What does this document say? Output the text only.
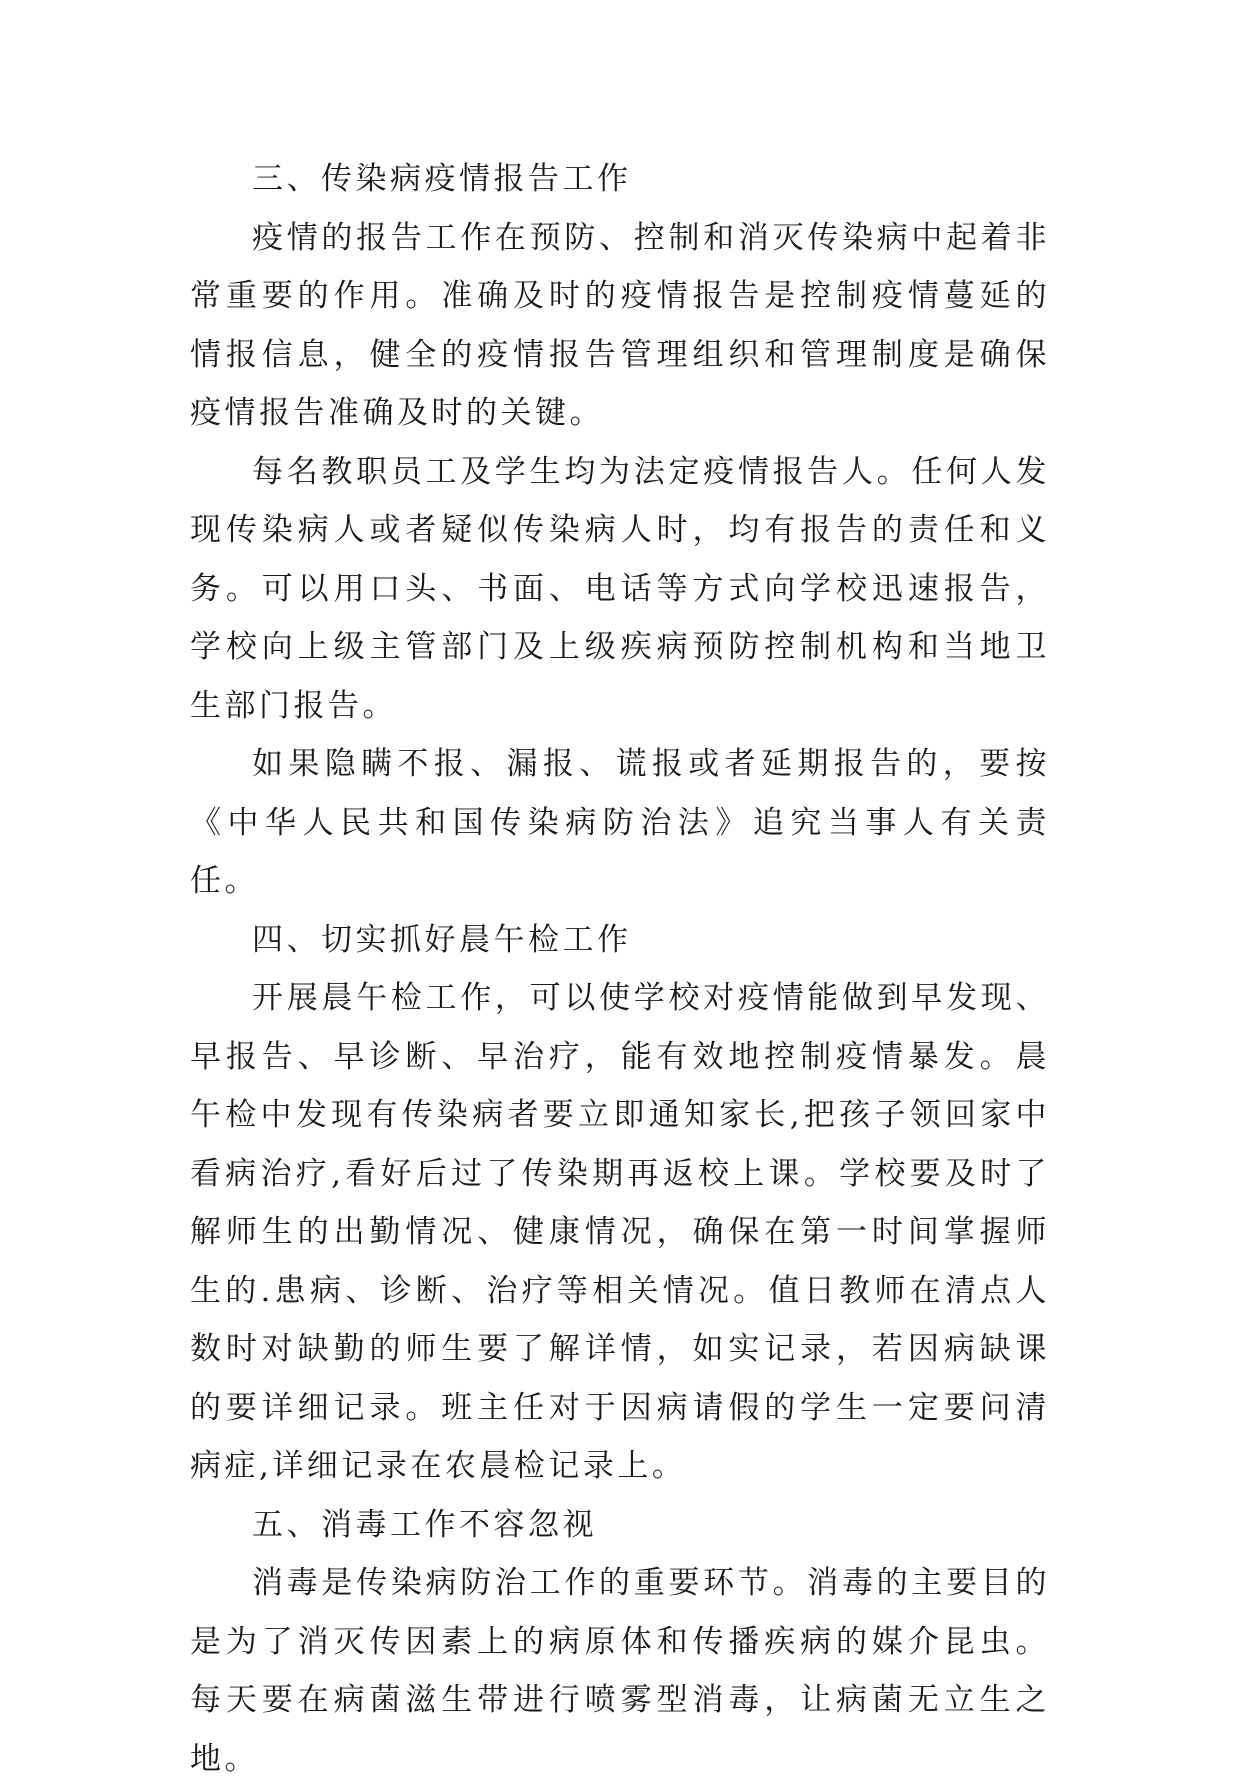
三、传染病疫情报告工作

疫情的报告工作在预防、控制和消灭传染病中起着非常重要的作用。准确及时的疫情报告是控制疫情蔓延的情报信息，健全的疫情报告管理组织和管理制度是确保疫情报告准确及时的关键。

每名教职员工及学生均为法定疫情报告人。任何人发现传染病人或者疑似传染病人时，均有报告的责任和义务。可以用口头、书面、电话等方式向学校迅速报告，学校向上级主管部门及上级疾病预防控制机构和当地卫生部门报告。

如果隐瞒不报、漏报、谎报或者延期报告的，要按《中华人民共和国传染病防治法》追究当事人有关责任。

四、切实抓好晨午检工作

开展晨午检工作，可以使学校对疫情能做到早发现、早报告、早诊断、早治疗，能有效地控制疫情暴发。晨午检中发现有传染病者要立即通知家长,把孩子领回家中看病治疗,看好后过了传染期再返校上课。学校要及时了解师生的出勤情况、健康情况，确保在第一时间掌握师生的.患病、诊断、治疗等相关情况。值日教师在清点人数时对缺勤的师生要了解详情，如实记录，若因病缺课的要详细记录。班主任对于因病请假的学生一定要问清病症,详细记录在农晨检记录上。

五、消毒工作不容忽视

消毒是传染病防治工作的重要环节。消毒的主要目的是为了消灭传因素上的病原体和传播疾病的媒介昆虫。每天要在病菌滋生带进行喷雾型消毒，让病菌无立生之地。
